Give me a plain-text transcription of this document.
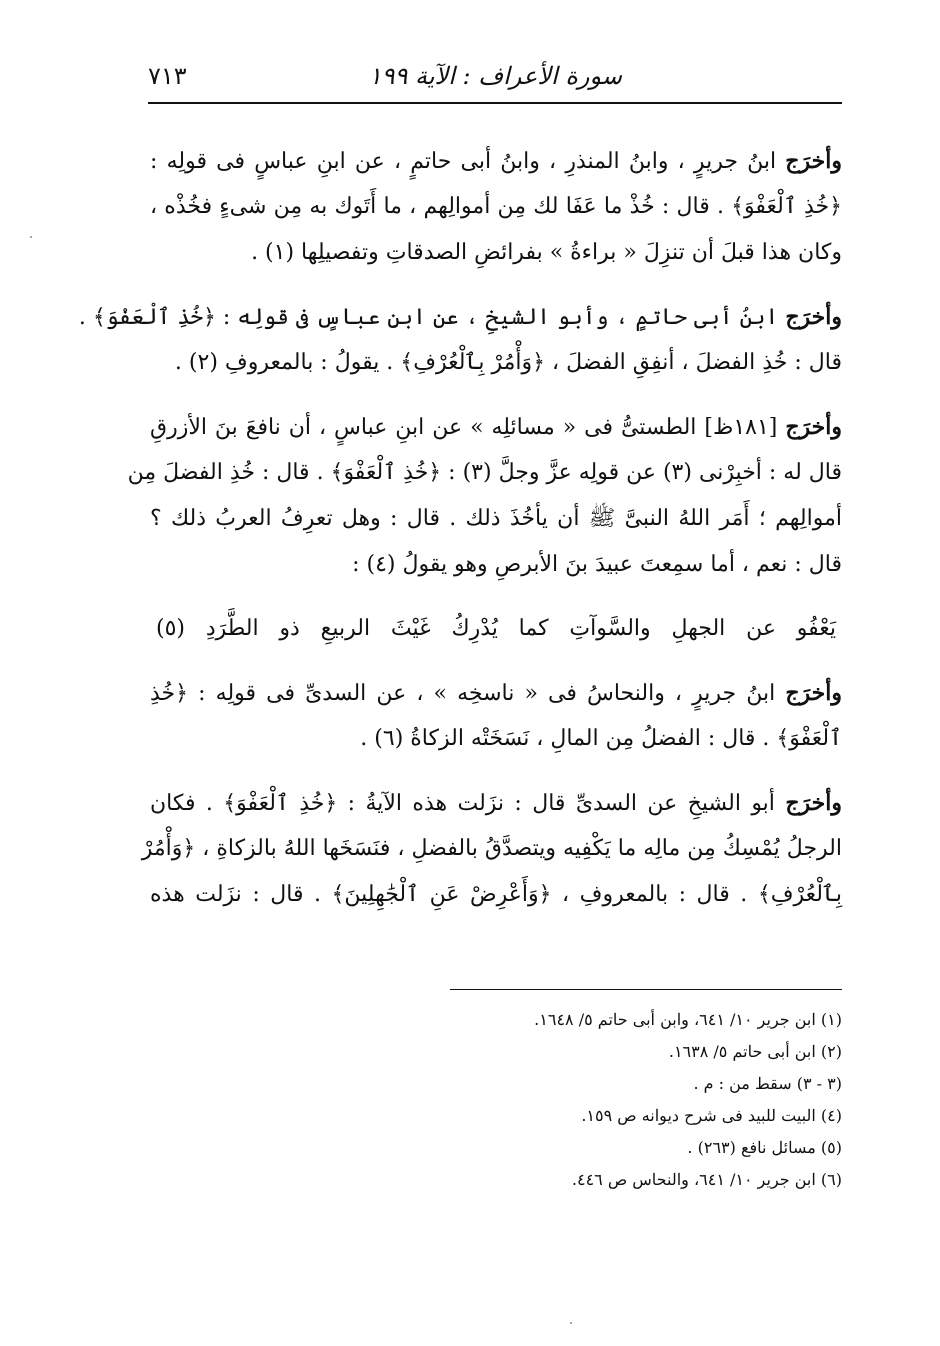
سورة الأعراف : الآية ١٩٩
٧١٣
وأخرَج ابنُ جريرٍ ، وابنُ المنذرِ ، وابنُ أبى حاتمٍ ، عن ابنِ عباسٍ فى قولِه :
﴿خُذِ ٱلْعَفْوَ﴾ . قال : خُذْ ما عَفَا لك مِن أموالِهم ، ما أَتَوك به مِن شىءٍ فخُذْه ،
وكان هذا قبلَ أن تنزِلَ « براءةُ » بفرائضِ الصدقاتِ وتفصيلِها (١) .
وأخرَج ابنُ أبى حاتمٍ ، وأبو الشيخِ ، عن ابنِ عباسٍ فى قولِه : ﴿خُذِ ٱلْعَفْوَ﴾ .
قال : خُذِ الفضلَ ، أنفِقِ الفضلَ ، ﴿وَأْمُرْ بِٱلْعُرْفِ﴾ . يقولُ : بالمعروفِ (٢) .
وأخرَج [١٨١ظ] الطستىُّ فى « مسائلِه » عن ابنِ عباسٍ ، أن نافعَ بنَ الأزرقِ
قال له : أخبِرْنى (٣) عن قولِه عزَّ وجلَّ (٣) : ﴿خُذِ ٱلْعَفْوَ﴾ . قال : خُذِ الفضلَ مِن
أموالِهم ؛ أَمَر اللهُ النبىَّ ﷺ أن يأخُذَ ذلك . قال : وهل تعرِفُ العربُ ذلك ؟
قال : نعم ، أما سمِعتَ عبيدَ بنَ الأبرصِ وهو يقولُ (٤) :
يَعْفُو عن الجهلِ والسَّوآتِ كما يُدْرِكُ غَيْثَ الربيعِ ذو الطَّرَدِ (٥)
وأخرَج ابنُ جريرٍ ، والنحاسُ فى « ناسخِه » ، عن السدىِّ فى قولِه : ﴿خُذِ
ٱلْعَفْوَ﴾ . قال : الفضلُ مِن المالِ ، نَسَخَتْه الزكاةُ (٦) .
وأخرَج أبو الشيخِ عن السدىِّ قال : نزَلت هذه الآيةُ : ﴿خُذِ ٱلْعَفْوَ﴾ . فكان
الرجلُ يُمْسِكُ مِن مالِه ما يَكْفِيه ويتصدَّقُ بالفضلِ ، فنَسَخَها اللهُ بالزكاةِ ، ﴿وَأْمُرْ
بِٱلْعُرْفِ﴾ . قال : بالمعروفِ ، ﴿وَأَعْرِضْ عَنِ ٱلْجَٰهِلِينَ﴾ . قال : نزَلت هذه
(١) ابن جرير ١٠/ ٦٤١، وابن أبى حاتم ٥/ ١٦٤٨.
(٢) ابن أبى حاتم ٥/ ١٦٣٨.
(٣ - ٣) سقط من : م .
(٤) البيت للبيد فى شرح ديوانه ص ١٥٩.
(٥) مسائل نافع (٢٦٣) .
(٦) ابن جرير ١٠/ ٦٤١، والنحاس ص ٤٤٦.
